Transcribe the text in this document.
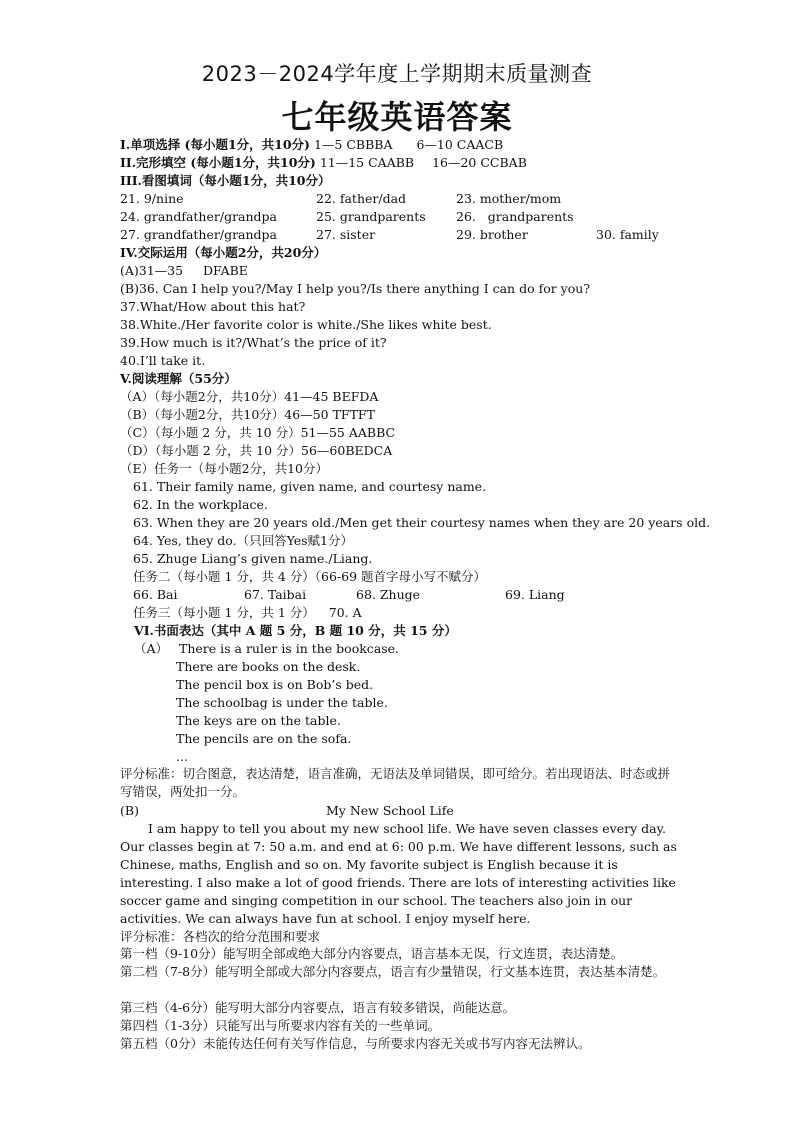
2023－2024学年度上学期期末质量测查
七年级英语答案
I.单项选择 (每小题1分，共10分) 1—5 CBBBA 6—10 CAACB
II.完形填空 (每小题1分，共10分) 11—15 CAABB 16—20 CCBAB
III.看图填词（每小题1分，共10分）
21. 9/nine	22. father/dad	23. mother/mom
24. grandfather/grandpa	25. grandparents 26.   grandparents
27. grandfather/grandpa	27. sister	29. brother	30. family
IV.交际运用（每小题2分，共20分）
(A)31—35     DFABE
(B)36. Can I help you?/May I help you?/Is there anything I can do for you?
37.What/How about this hat?
38.White./Her favorite color is white./She likes white best.
39.How much is it?/What’s the price of it?
40.I’ll take it.
V.阅读理解（55分）
（A）（每小题2分，共10分）41—45 BEFDA
（B）（每小题2分，共10分）46—50 TFTFT
（C）（每小题 2 分，共 10 分）51—55 AABBC
（D）（每小题 2 分，共 10 分）56—60BEDCA
（E）任务一（每小题2分，共10分）
61. Their family name, given name, and courtesy name.
62. In the workplace.
63. When they are 20 years old./Men get their courtesy names when they are 20 years old.
64. Yes, they do.（只回答Yes赋1分）
65. Zhuge Liang’s given name./Liang.
任务二（每小题 1 分，共 4 分）（66-69 题首字母小写不赋分）
66. Bai	67. Taibai	68. Zhuge	69. Liang
任务三（每小题 1 分，共 1 分） 70. A
VI.书面表达（其中 A 题 5 分，B 题 10 分，共 15 分）
（A） There is a ruler is in the bookcase.
There are books on the desk.
The pencil box is on Bob’s bed.
The schoolbag is under the table.
The keys are on the table.
The pencils are on the sofa.
...
评分标准：切合图意，表达清楚，语言准确，无语法及单词错误，即可给分。若出现语法、时态或拼写错误，两处扣一分。
(B)	My New School Life
I am happy to tell you about my new school life. We have seven classes every day. Our classes begin at 7: 50 a.m. and end at 6: 00 p.m. We have different lessons, such as Chinese, maths, English and so on. My favorite subject is English because it is interesting. I also make a lot of good friends. There are lots of interesting activities like soccer game and singing competition in our school. The teachers also join in our activities. We can always have fun at school. I enjoy myself here.
评分标准：各档次的给分范围和要求
第一档（9-10分）能写明全部或绝大部分内容要点，语言基本无误，行文连贯，表达清楚。
第二档（7-8分）能写明全部或大部分内容要点，语言有少量错误，行文基本连贯，表达基本清楚。
第三档（4-6分）能写明大部分内容要点，语言有较多错误，尚能达意。
第四档（1-3分）只能写出与所要求内容有关的一些单词。
第五档（0分）未能传达任何有关写作信息，与所要求内容无关或书写内容无法辨认。
